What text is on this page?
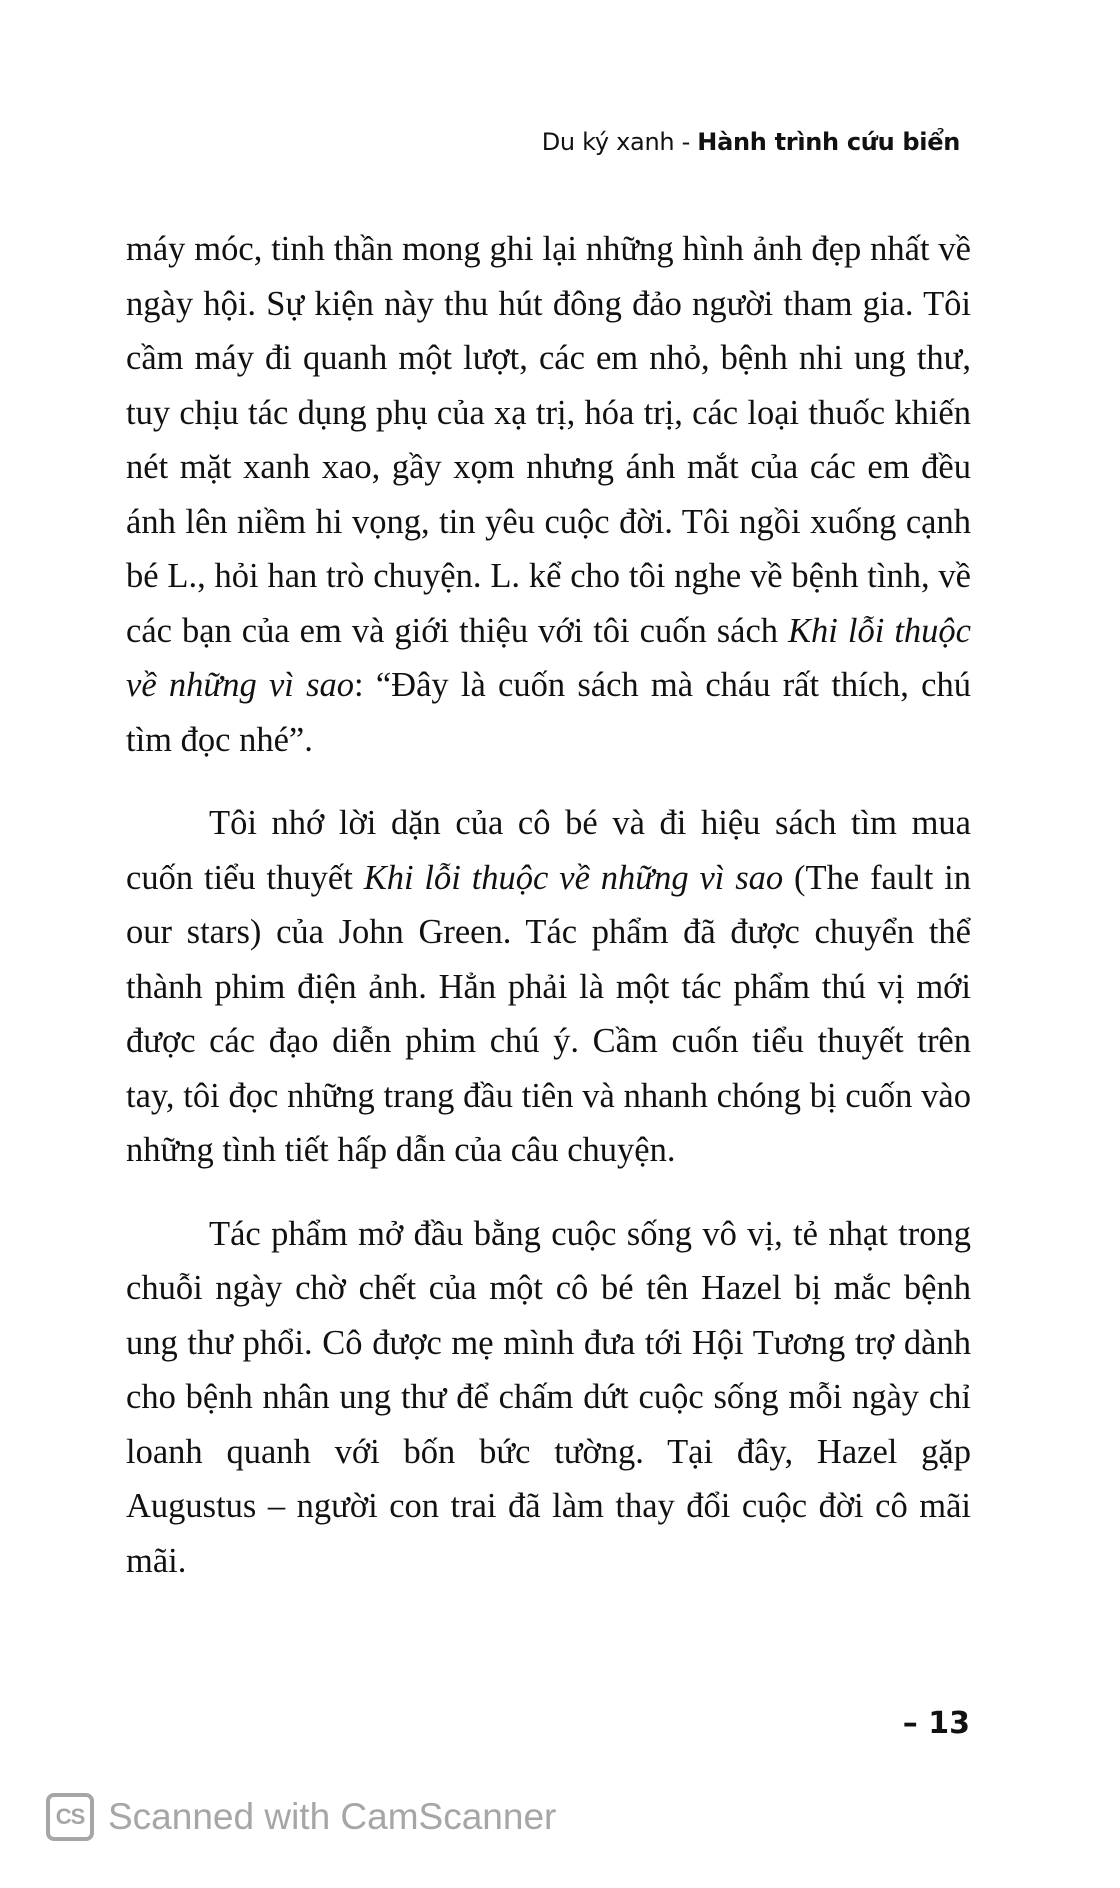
Du ký xanh - Hành trình cứu biển

máy móc, tinh thần mong ghi lại những hình ảnh đẹp nhất về ngày hội. Sự kiện này thu hút đông đảo người tham gia. Tôi cầm máy đi quanh một lượt, các em nhỏ, bệnh nhi ung thư, tuy chịu tác dụng phụ của xạ trị, hóa trị, các loại thuốc khiến nét mặt xanh xao, gầy xọm nhưng ánh mắt của các em đều ánh lên niềm hi vọng, tin yêu cuộc đời. Tôi ngồi xuống cạnh bé L., hỏi han trò chuyện. L. kể cho tôi nghe về bệnh tình, về các bạn của em và giới thiệu với tôi cuốn sách Khi lỗi thuộc về những vì sao: “Đây là cuốn sách mà cháu rất thích, chú tìm đọc nhé”.

Tôi nhớ lời dặn của cô bé và đi hiệu sách tìm mua cuốn tiểu thuyết Khi lỗi thuộc về những vì sao (The fault in our stars) của John Green. Tác phẩm đã được chuyển thể thành phim điện ảnh. Hẳn phải là một tác phẩm thú vị mới được các đạo diễn phim chú ý. Cầm cuốn tiểu thuyết trên tay, tôi đọc những trang đầu tiên và nhanh chóng bị cuốn vào những tình tiết hấp dẫn của câu chuyện.

Tác phẩm mở đầu bằng cuộc sống vô vị, tẻ nhạt trong chuỗi ngày chờ chết của một cô bé tên Hazel bị mắc bệnh ung thư phổi. Cô được mẹ mình đưa tới Hội Tương trợ dành cho bệnh nhân ung thư để chấm dứt cuộc sống mỗi ngày chỉ loanh quanh với bốn bức tường. Tại đây, Hazel gặp Augustus – người con trai đã làm thay đổi cuộc đời cô mãi mãi.

– 13
CS Scanned with CamScanner
